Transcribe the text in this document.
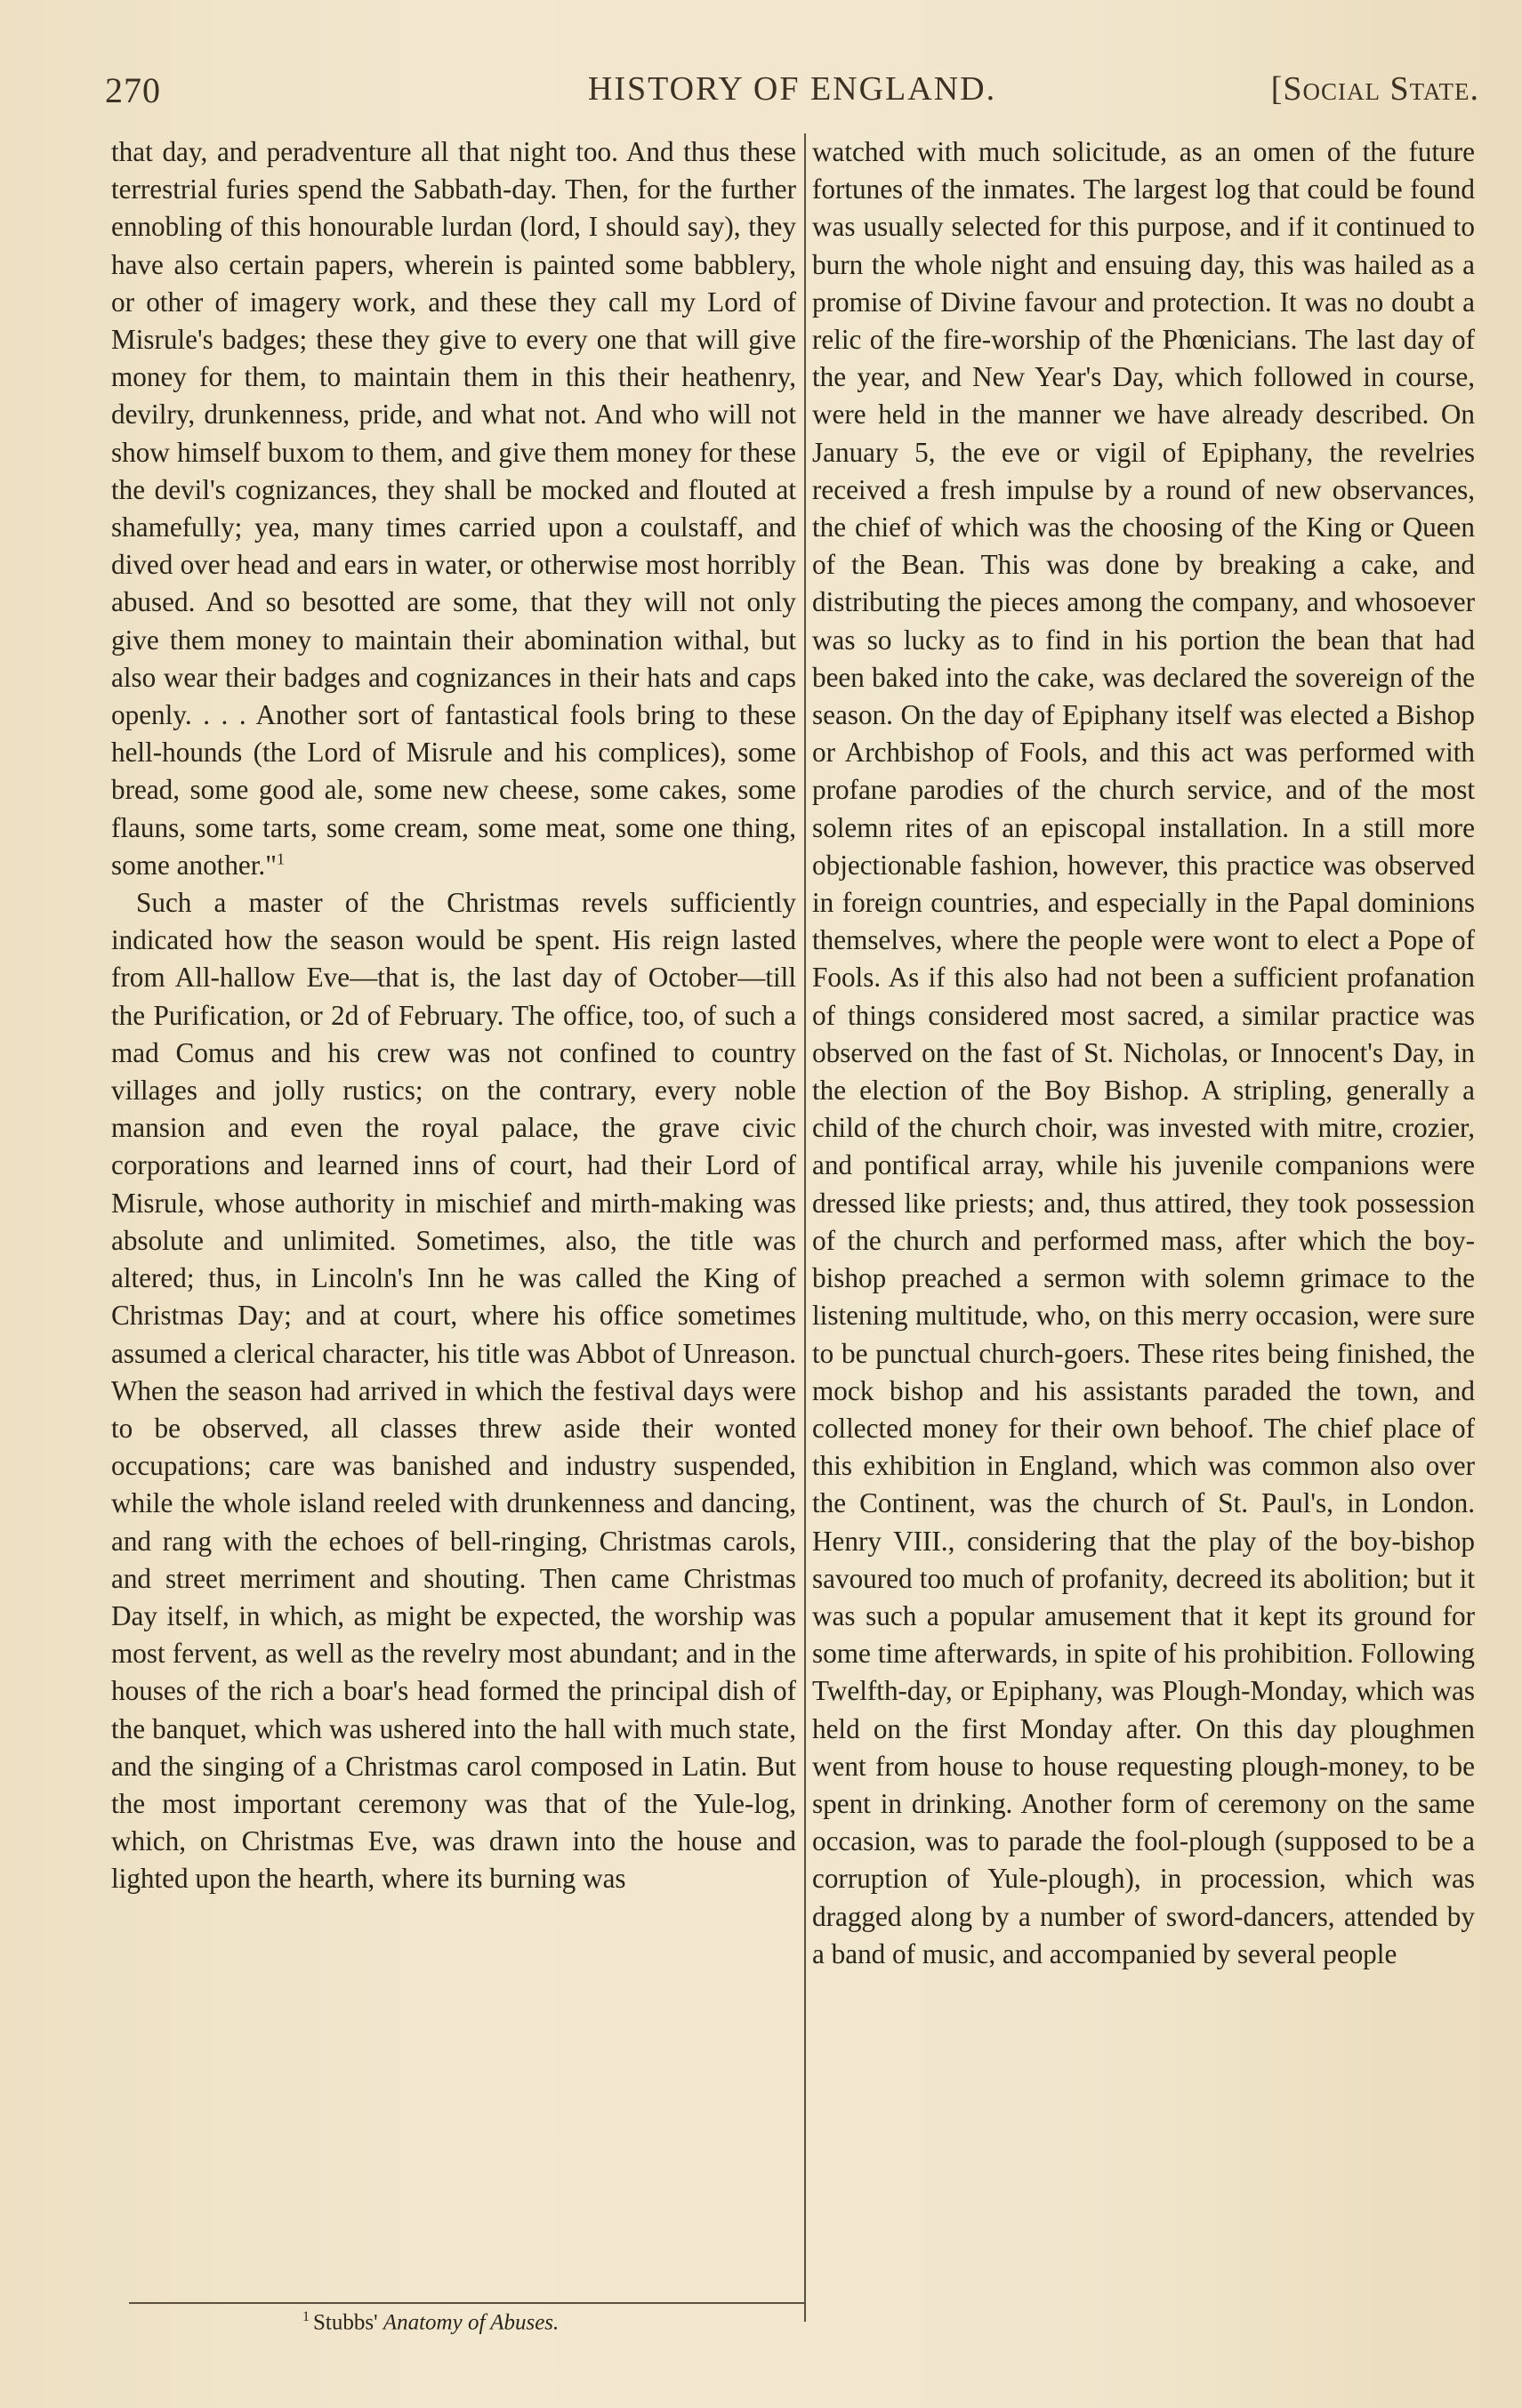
270	HISTORY OF ENGLAND.	[Social State.

that day, and peradventure all that night too. And thus these terrestrial furies spend the Sabbath-day. Then, for the further ennobling of this honourable lurdan (lord, I should say), they have also certain papers, wherein is painted some babblery, or other of imagery work, and these they call my Lord of Misrule's badges; these they give to every one that will give money for them, to maintain them in this their heathenry, devilry, drunkenness, pride, and what not. And who will not show himself buxom to them, and give them money for these the devil's cognizances, they shall be mocked and flouted at shamefully; yea, many times carried upon a coulstaff, and dived over head and ears in water, or otherwise most horribly abused. And so besotted are some, that they will not only give them money to maintain their abomination withal, but also wear their badges and cognizances in their hats and caps openly. . . . Another sort of fantastical fools bring to these hell-hounds (the Lord of Misrule and his complices), some bread, some good ale, some new cheese, some cakes, some flauns, some tarts, some cream, some meat, some one thing, some another."$^1$

Such a master of the Christmas revels sufficiently indicated how the season would be spent. His reign lasted from All-hallow Eve—that is, the last day of October—till the Purification, or 2d of February. The office, too, of such a mad Comus and his crew was not confined to country villages and jolly rustics; on the contrary, every noble mansion and even the royal palace, the grave civic corporations and learned inns of court, had their Lord of Misrule, whose authority in mischief and mirth-making was absolute and unlimited. Sometimes, also, the title was altered; thus, in Lincoln's Inn he was called the King of Christmas Day; and at court, where his office sometimes assumed a clerical character, his title was Abbot of Unreason. When the season had arrived in which the festival days were to be observed, all classes threw aside their wonted occupations; care was banished and industry suspended, while the whole island reeled with drunkenness and dancing, and rang with the echoes of bell-ringing, Christmas carols, and street merriment and shouting. Then came Christmas Day itself, in which, as might be expected, the worship was most fervent, as well as the revelry most abundant; and in the houses of the rich a boar's head formed the principal dish of the banquet, which was ushered into the hall with much state, and the singing of a Christmas carol composed in Latin. But the most important ceremony was that of the Yule-log, which, on Christmas Eve, was drawn into the house and lighted upon the hearth, where its burning was

watched with much solicitude, as an omen of the future fortunes of the inmates. The largest log that could be found was usually selected for this purpose, and if it continued to burn the whole night and ensuing day, this was hailed as a promise of Divine favour and protection. It was no doubt a relic of the fire-worship of the Phœnicians. The last day of the year, and New Year's Day, which followed in course, were held in the manner we have already described. On January 5, the eve or vigil of Epiphany, the revelries received a fresh impulse by a round of new observances, the chief of which was the choosing of the King or Queen of the Bean. This was done by breaking a cake, and distributing the pieces among the company, and whosoever was so lucky as to find in his portion the bean that had been baked into the cake, was declared the sovereign of the season. On the day of Epiphany itself was elected a Bishop or Archbishop of Fools, and this act was performed with profane parodies of the church service, and of the most solemn rites of an episcopal installation. In a still more objectionable fashion, however, this practice was observed in foreign countries, and especially in the Papal dominions themselves, where the people were wont to elect a Pope of Fools. As if this also had not been a sufficient profanation of things considered most sacred, a similar practice was observed on the fast of St. Nicholas, or Innocent's Day, in the election of the Boy Bishop. A stripling, generally a child of the church choir, was invested with mitre, crozier, and pontifical array, while his juvenile companions were dressed like priests; and, thus attired, they took possession of the church and performed mass, after which the boy-bishop preached a sermon with solemn grimace to the listening multitude, who, on this merry occasion, were sure to be punctual church-goers. These rites being finished, the mock bishop and his assistants paraded the town, and collected money for their own behoof. The chief place of this exhibition in England, which was common also over the Continent, was the church of St. Paul's, in London. Henry VIII., considering that the play of the boy-bishop savoured too much of profanity, decreed its abolition; but it was such a popular amusement that it kept its ground for some time afterwards, in spite of his prohibition. Following Twelfth-day, or Epiphany, was Plough-Monday, which was held on the first Monday after. On this day ploughmen went from house to house requesting plough-money, to be spent in drinking. Another form of ceremony on the same occasion, was to parade the fool-plough (supposed to be a corruption of Yule-plough), in procession, which was dragged along by a number of sword-dancers, attended by a band of music, and accompanied by several people

$^1$ Stubbs' Anatomy of Abuses.
